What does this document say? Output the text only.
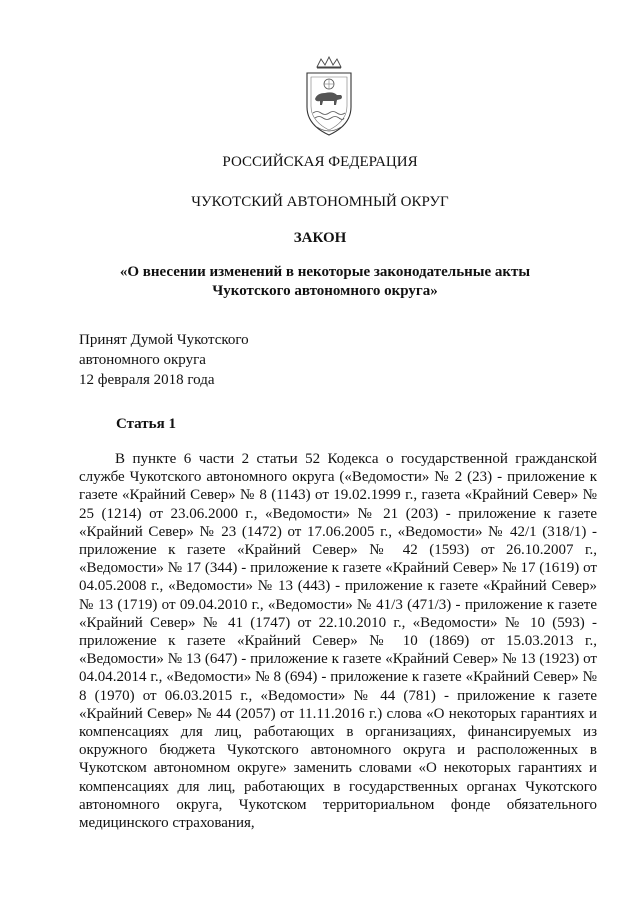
РОССИЙСКАЯ ФЕДЕРАЦИЯ
ЧУКОТСКИЙ АВТОНОМНЫЙ ОКРУГ
ЗАКОН
«О внесении изменений в некоторые законодательные акты Чукотского автономного округа»
Принят Думой Чукотского
автономного округа
12 февраля 2018 года
Статья 1

В пункте 6 части 2 статьи 52 Кодекса о государственной гражданской службе Чукотского автономного округа («Ведомости» № 2 (23) - приложение к газете «Крайний Север» № 8 (1143) от 19.02.1999 г., газета «Крайний Север» № 25 (1214) от 23.06.2000 г., «Ведомости» № 21 (203) - приложение к газете «Крайний Север» № 23 (1472) от 17.06.2005 г., «Ведомости» № 42/1 (318/1) - приложение к газете «Крайний Север» № 42 (1593) от 26.10.2007 г., «Ведомости» № 17 (344) - приложение к газете «Крайний Север» № 17 (1619) от 04.05.2008 г., «Ведомости» № 13 (443) - приложение к газете «Крайний Север» № 13 (1719) от 09.04.2010 г., «Ведомости» № 41/3 (471/3) - приложение к газете «Крайний Север» № 41 (1747) от 22.10.2010 г., «Ведомости» № 10 (593) - приложение к газете «Крайний Север» № 10 (1869) от 15.03.2013 г., «Ведомости» № 13 (647) - приложение к газете «Крайний Север» № 13 (1923) от 04.04.2014 г., «Ведомости» № 8 (694) - приложение к газете «Крайний Север» № 8 (1970) от 06.03.2015 г., «Ведомости» № 44 (781) - приложение к газете «Крайний Север» № 44 (2057) от 11.11.2016 г.) слова «О некоторых гарантиях и компенсациях для лиц, работающих в организациях, финансируемых из окружного бюджета Чукотского автономного округа и расположенных в Чукотском автономном округе» заменить словами «О некоторых гарантиях и компенсациях для лиц, работающих в государственных органах Чукотского автономного округа, Чукотском территориальном фонде обязательного медицинского страхования,
